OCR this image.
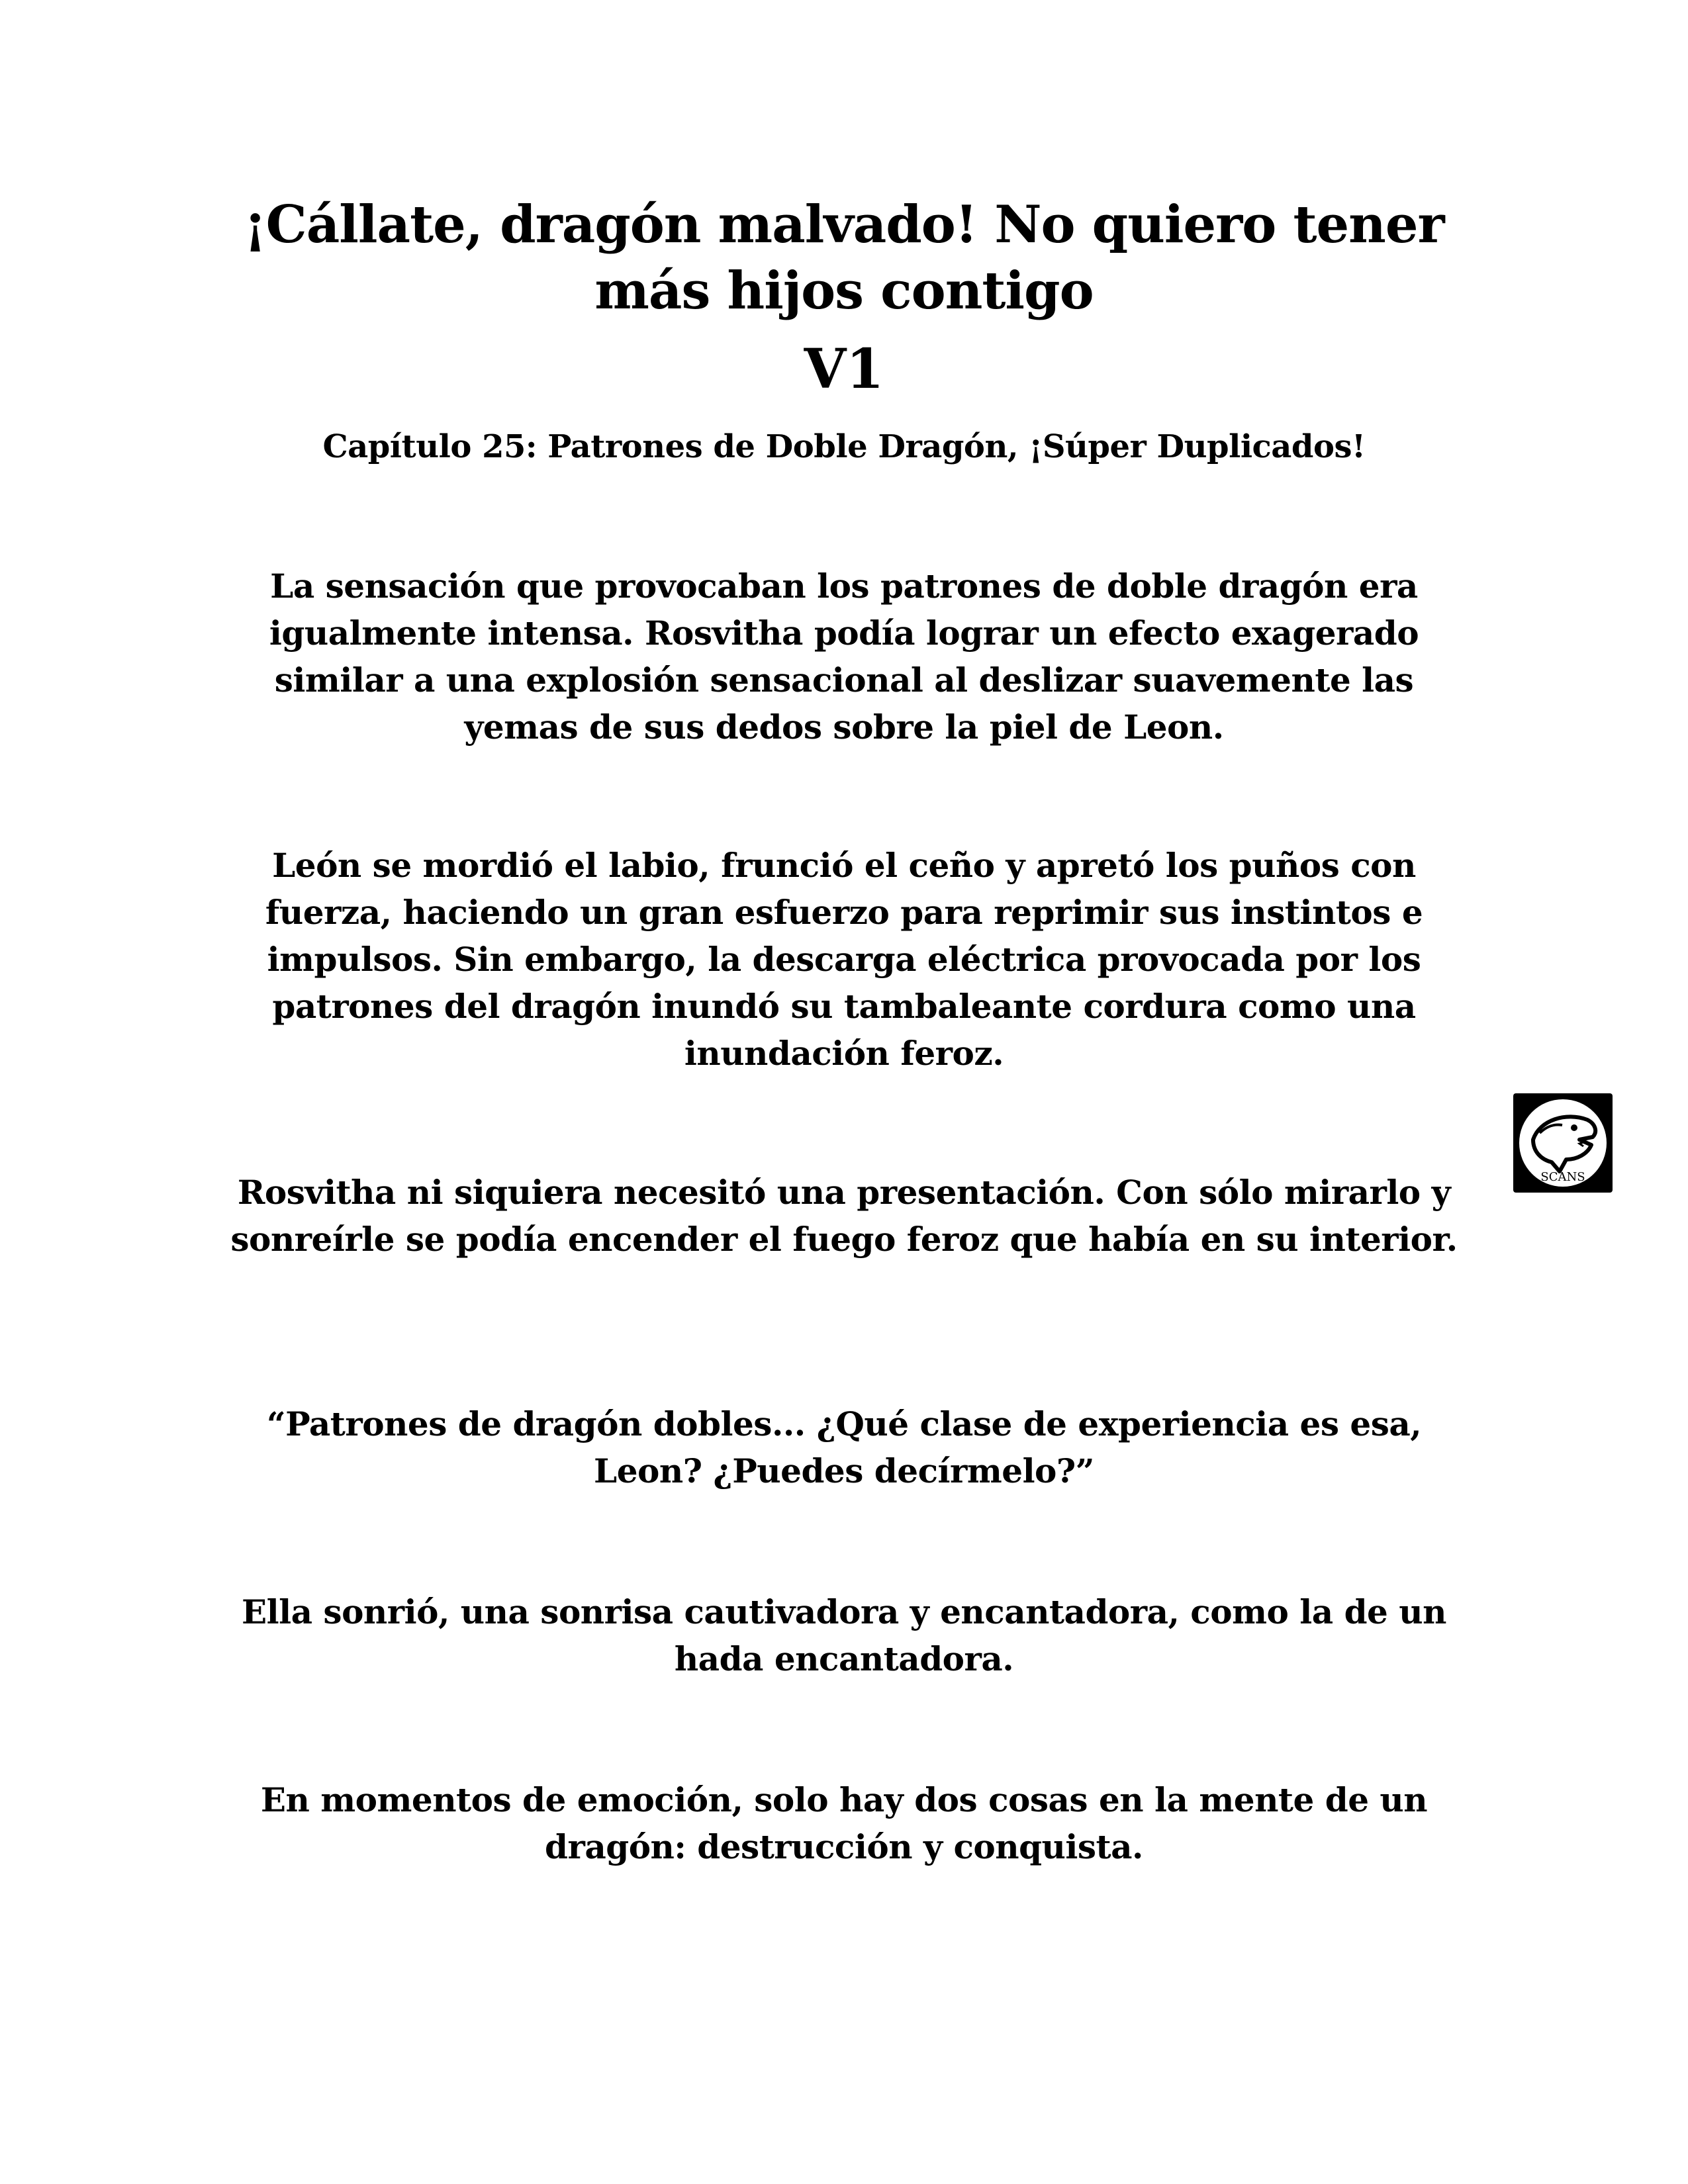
¡Cállate, dragón malvado! No quiero tener más hijos contigo
V1
Capítulo 25: Patrones de Doble Dragón, ¡Súper Duplicados!

La sensación que provocaban los patrones de doble dragón era igualmente intensa. Rosvitha podía lograr un efecto exagerado similar a una explosión sensacional al deslizar suavemente las yemas de sus dedos sobre la piel de Leon.

León se mordió el labio, frunció el ceño y apretó los puños con fuerza, haciendo un gran esfuerzo para reprimir sus instintos e impulsos. Sin embargo, la descarga eléctrica provocada por los patrones del dragón inundó su tambaleante cordura como una inundación feroz.

Rosvitha ni siquiera necesitó una presentación. Con sólo mirarlo y sonreírle se podía encender el fuego feroz que había en su interior.

“Patrones de dragón dobles... ¿Qué clase de experiencia es esa, Leon? ¿Puedes decírmelo?”

Ella sonrió, una sonrisa cautivadora y encantadora, como la de un hada encantadora.

En momentos de emoción, solo hay dos cosas en la mente de un dragón: destrucción y conquista.

SCANS
